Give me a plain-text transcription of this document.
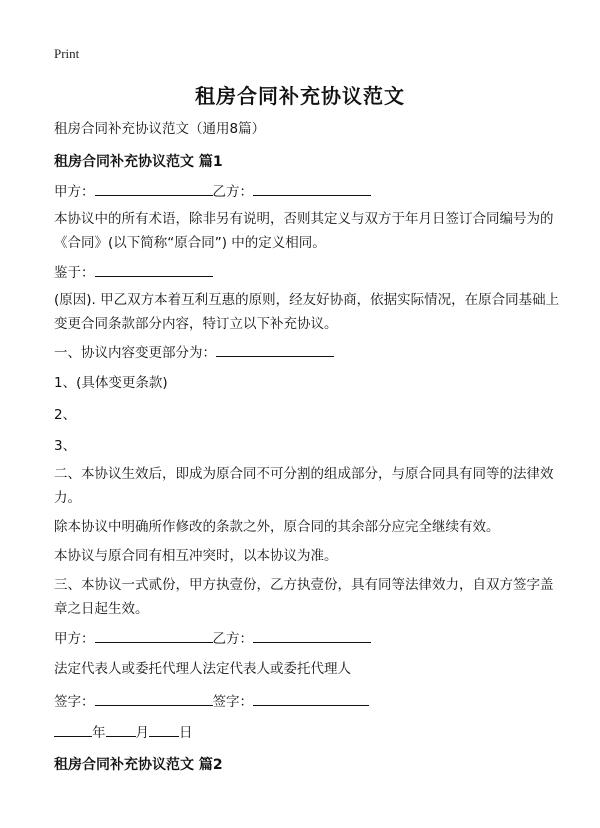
Print
租房合同补充协议范文
租房合同补充协议范文（通用8篇）
租房合同补充协议范文 篇1
甲方：	乙方：
本协议中的所有术语，除非另有说明，否则其定义与双方于年月日签订合同编号为的《合同》(以下简称“原合同”) 中的定义相同。
鉴于：
(原因). 甲乙双方本着互利互惠的原则，经友好协商，依据实际情况，在原合同基础上变更合同条款部分内容，特订立以下补充协议。
一、协议内容变更部分为：
1、(具体变更条款)
2、
3、
二、本协议生效后，即成为原合同不可分割的组成部分，与原合同具有同等的法律效力。
除本协议中明确所作修改的条款之外，原合同的其余部分应完全继续有效。
本协议与原合同有相互冲突时，以本协议为准。
三、本协议一式贰份，甲方执壹份，乙方执壹份，具有同等法律效力，自双方签字盖章之日起生效。
甲方：	乙方：
法定代表人或委托代理人法定代表人或委托代理人
签字：	签字：
年 月 日
租房合同补充协议范文 篇2
